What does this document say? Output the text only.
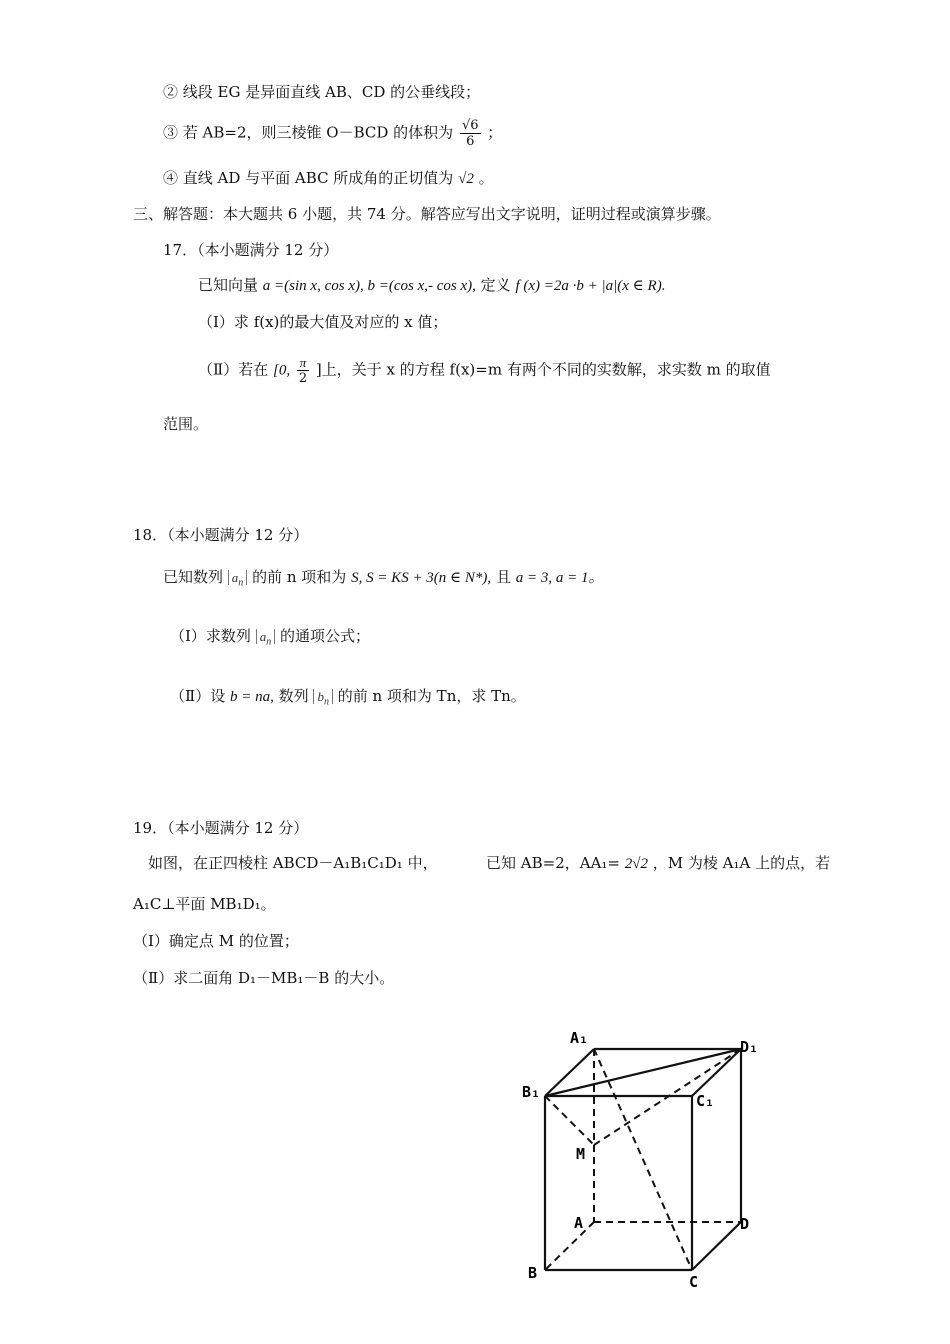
② 线段 EG 是异面直线 AB、CD 的公垂线段；
③ 若 AB=2，则三棱锥 O－BCD 的体积为 $\frac{√6}{6}$ ；
④ 直线 AD 与平面 ABC 所成角的正切值为 √2 。
三、解答题：本大题共 6 小题，共 74 分。解答应写出文字说明，证明过程或演算步骤。
17．（本小题满分 12 分）
已知向量 a =(sin x, cos x), b =(cos x,- cos x), 定义 f (x) =2a ·b + |a|(x ∈ R).
（Ⅰ）求 f(x)的最大值及对应的 x 值；
（Ⅱ）若在 [0, $\frac{\pi}{2}$ ]上，关于 x 的方程 f(x)=m 有两个不同的实数解，求实数 m 的取值
范围。
18．（本小题满分 12 分）
已知数列 $a_n$ 的前 n 项和为 S, S = KS + 3(n ∈ N*), 且 a = 3, a = 1。
（Ⅰ）求数列 $a_n$ 的通项公式；
（Ⅱ）设 b = na, 数列 $b_n$ 的前 n 项和为 Tn，求 Tn。
19．（本小题满分 12 分）
如图，在正四棱柱 ABCD－A₁B₁C₁D₁ 中，	已知 AB=2，AA₁= 2√2 ，M 为棱 A₁A 上的点，若
A₁C⊥平面 MB₁D₁。
（Ⅰ）确定点 M 的位置；
（Ⅱ）求二面角 D₁－MB₁－B 的大小。
A₁	D₁
B₁	C₁
M
A	D
B	C
